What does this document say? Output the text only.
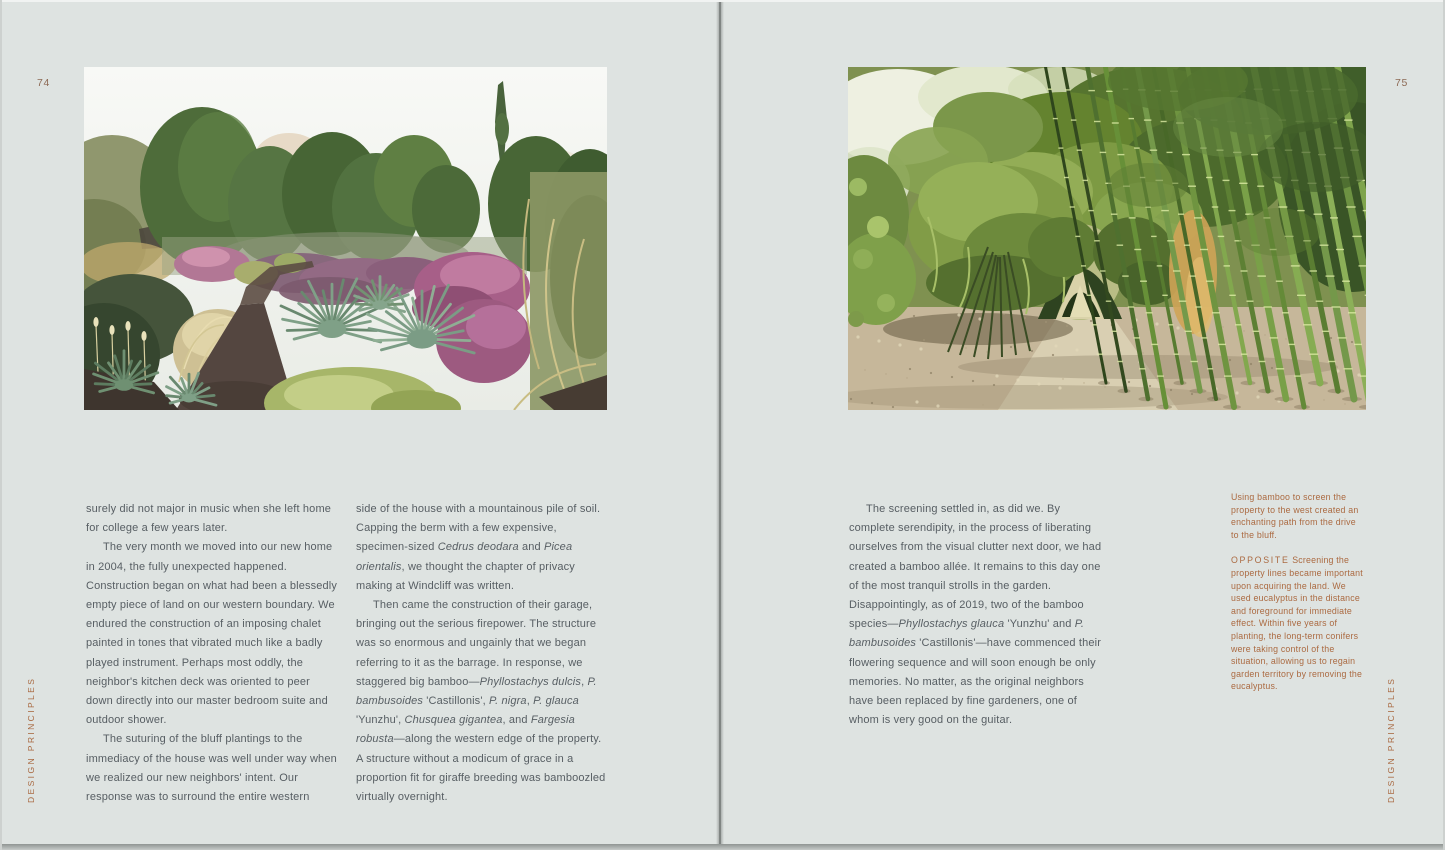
74

surely did not major in music when she left home for college a few years later.

The very month we moved into our new home in 2004, the fully unexpected happened. Construction began on what had been a blessedly empty piece of land on our western boundary. We endured the construction of an imposing chalet painted in tones that vibrated much like a badly played instrument. Perhaps most oddly, the neighbor's kitchen deck was oriented to peer down directly into our master bedroom suite and outdoor shower.

The suturing of the bluff plantings to the immediacy of the house was well under way when we realized our new neighbors' intent. Our response was to surround the entire western

side of the house with a mountainous pile of soil. Capping the berm with a few expensive, specimen-sized Cedrus deodara and Picea orientalis, we thought the chapter of privacy making at Windcliff was written.

Then came the construction of their garage, bringing out the serious firepower. The structure was so enormous and ungainly that we began referring to it as the barrage. In response, we staggered big bamboo—Phyllostachys dulcis, P. bambusoides 'Castillonis', P. nigra, P. glauca 'Yunzhu', Chusquea gigantea, and Fargesia robusta—along the western edge of the property. A structure without a modicum of grace in a proportion fit for giraffe breeding was bamboozled virtually overnight.

DESIGN PRINCIPLES

The screening settled in, as did we. By complete serendipity, in the process of liberating ourselves from the visual clutter next door, we had created a bamboo allée. It remains to this day one of the most tranquil strolls in the garden. Disappointingly, as of 2019, two of the bamboo species—Phyllostachys glauca 'Yunzhu' and P. bambusoides 'Castillonis'—have commenced their flowering sequence and will soon enough be only memories. No matter, as the original neighbors have been replaced by fine gardeners, one of whom is very good on the guitar.

Using bamboo to screen the property to the west created an enchanting path from the drive to the bluff.

OPPOSITE Screening the property lines became important upon acquiring the land. We used eucalyptus in the distance and foreground for immediate effect. Within five years of planting, the long-term conifers were taking control of the situation, allowing us to regain garden territory by removing the eucalyptus.

75
DESIGN PRINCIPLES
